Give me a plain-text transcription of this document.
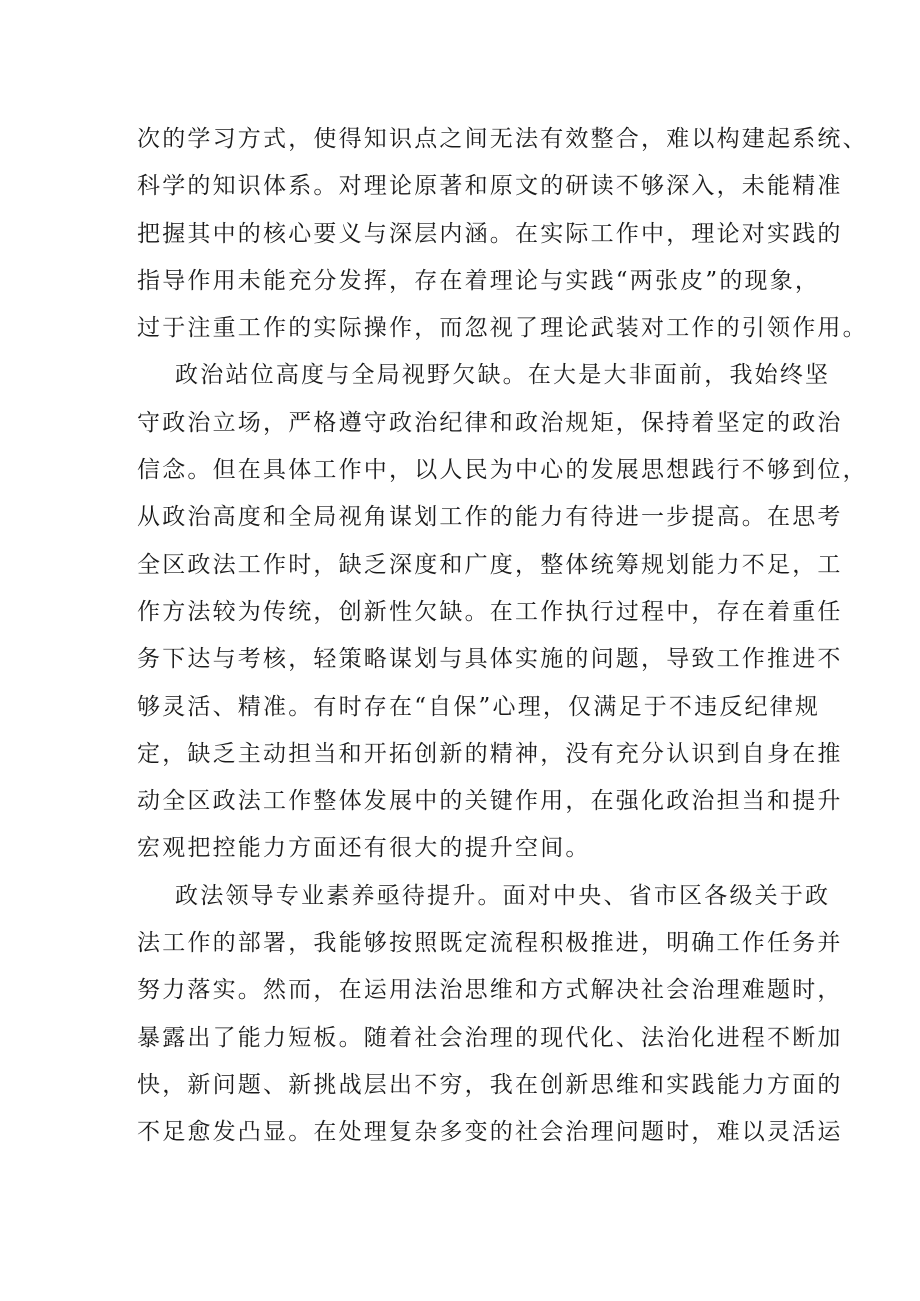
次的学习方式，使得知识点之间无法有效整合，难以构建起系统、
科学的知识体系。对理论原著和原文的研读不够深入，未能精准
把握其中的核心要义与深层内涵。在实际工作中，理论对实践的
指导作用未能充分发挥，存在着理论与实践“两张皮”的现象，
过于注重工作的实际操作，而忽视了理论武装对工作的引领作用。
政治站位高度与全局视野欠缺。在大是大非面前，我始终坚
守政治立场，严格遵守政治纪律和政治规矩，保持着坚定的政治
信念。但在具体工作中，以人民为中心的发展思想践行不够到位，
从政治高度和全局视角谋划工作的能力有待进一步提高。在思考
全区政法工作时，缺乏深度和广度，整体统筹规划能力不足，工
作方法较为传统，创新性欠缺。在工作执行过程中，存在着重任
务下达与考核，轻策略谋划与具体实施的问题，导致工作推进不
够灵活、精准。有时存在“自保”心理，仅满足于不违反纪律规
定，缺乏主动担当和开拓创新的精神，没有充分认识到自身在推
动全区政法工作整体发展中的关键作用，在强化政治担当和提升
宏观把控能力方面还有很大的提升空间。
政法领导专业素养亟待提升。面对中央、省市区各级关于政
法工作的部署，我能够按照既定流程积极推进，明确工作任务并
努力落实。然而，在运用法治思维和方式解决社会治理难题时，
暴露出了能力短板。随着社会治理的现代化、法治化进程不断加
快，新问题、新挑战层出不穷，我在创新思维和实践能力方面的
不足愈发凸显。在处理复杂多变的社会治理问题时，难以灵活运
